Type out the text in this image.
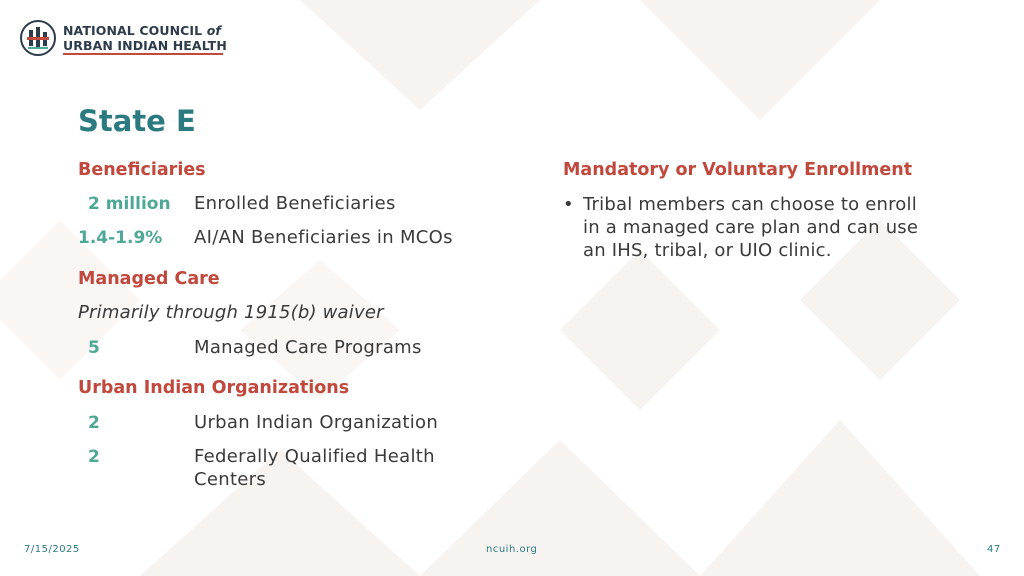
NATIONAL COUNCIL of
URBAN INDIAN HEALTH
State E
Beneficiaries
2 million Enrolled Beneficiaries
1.4-1.9% AI/AN Beneficiaries in MCOs
Managed Care
Primarily through 1915(b) waiver
5	Managed Care Programs
Urban Indian Organizations
2	Urban Indian Organization
2	Federally Qualified Health
Centers
Mandatory or Voluntary Enrollment
• Tribal members can choose to enroll
in a managed care plan and can use
an IHS, tribal, or UIO clinic.
7/15/2025	ncuih.org	47
